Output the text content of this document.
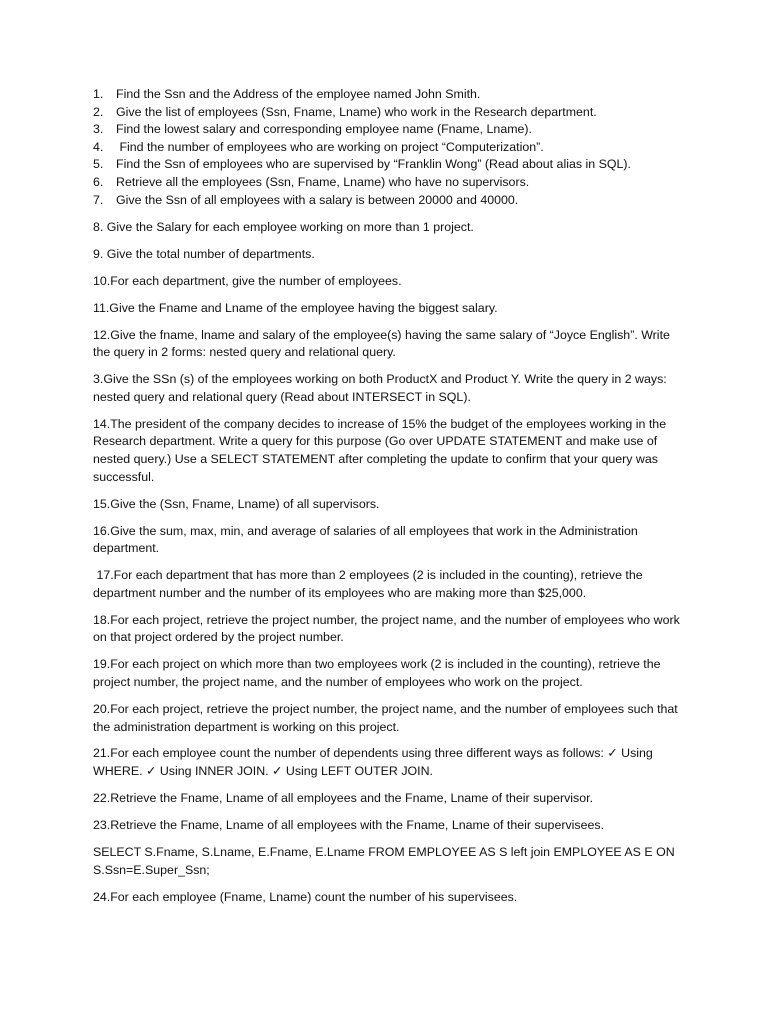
1. Find the Ssn and the Address of the employee named John Smith.
2. Give the list of employees (Ssn, Fname, Lname) who work in the Research department.
3. Find the lowest salary and corresponding employee name (Fname, Lname).
4. Find the number of employees who are working on project “Computerization”.
5. Find the Ssn of employees who are supervised by “Franklin Wong” (Read about alias in SQL).
6. Retrieve all the employees (Ssn, Fname, Lname) who have no supervisors.
7. Give the Ssn of all employees with a salary is between 20000 and 40000.

8. Give the Salary for each employee working on more than 1 project.

9. Give the total number of departments.

10.For each department, give the number of employees.

11.Give the Fname and Lname of the employee having the biggest salary.

12.Give the fname, lname and salary of the employee(s) having the same salary of “Joyce English”. Write the query in 2 forms: nested query and relational query.

3.Give the SSn (s) of the employees working on both ProductX and Product Y. Write the query in 2 ways: nested query and relational query (Read about INTERSECT in SQL).

14.The president of the company decides to increase of 15% the budget of the employees working in the Research department. Write a query for this purpose (Go over UPDATE STATEMENT and make use of nested query.) Use a SELECT STATEMENT after completing the update to confirm that your query was successful.

15.Give the (Ssn, Fname, Lname) of all supervisors.

16.Give the sum, max, min, and average of salaries of all employees that work in the Administration department.

17.For each department that has more than 2 employees (2 is included in the counting), retrieve the department number and the number of its employees who are making more than $25,000.

18.For each project, retrieve the project number, the project name, and the number of employees who work on that project ordered by the project number.

19.For each project on which more than two employees work (2 is included in the counting), retrieve the project number, the project name, and the number of employees who work on the project.

20.For each project, retrieve the project number, the project name, and the number of employees such that the administration department is working on this project.

21.For each employee count the number of dependents using three different ways as follows: ✓ Using WHERE. ✓ Using INNER JOIN. ✓ Using LEFT OUTER JOIN.

22.Retrieve the Fname, Lname of all employees and the Fname, Lname of their supervisor.

23.Retrieve the Fname, Lname of all employees with the Fname, Lname of their supervisees.

SELECT S.Fname, S.Lname, E.Fname, E.Lname FROM EMPLOYEE AS S left join EMPLOYEE AS E ON S.Ssn=E.Super_Ssn;

24.For each employee (Fname, Lname) count the number of his supervisees.
